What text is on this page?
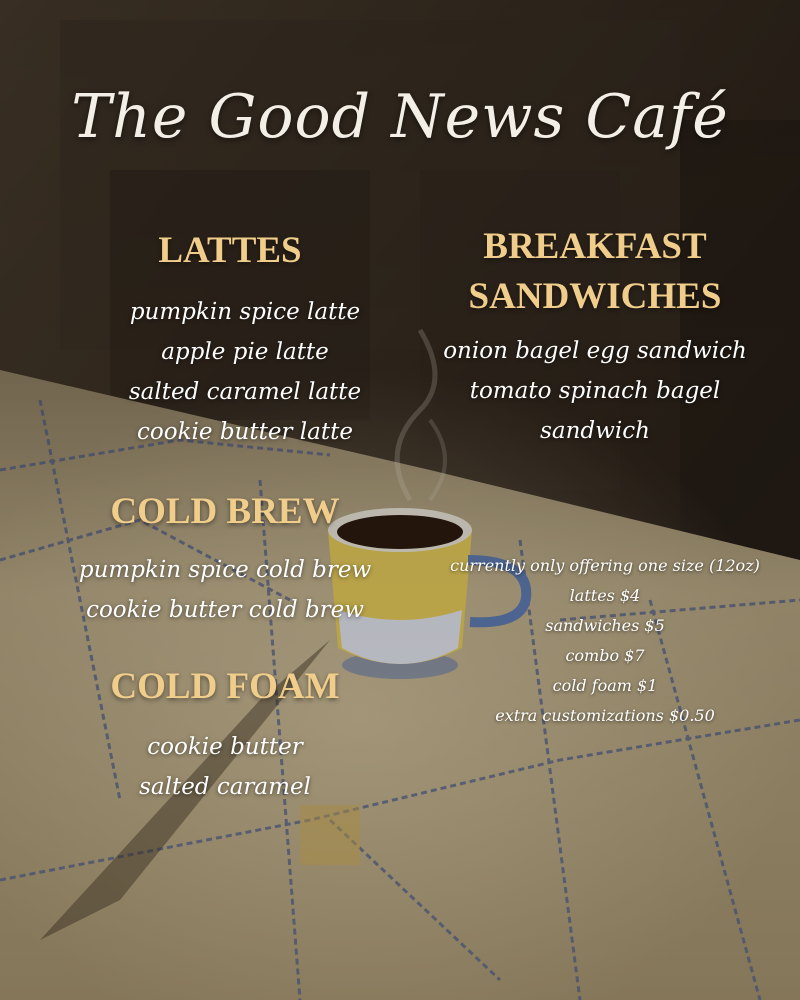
The Good News Café
LATTES
pumpkin spice latte
apple pie latte
salted caramel latte
cookie butter latte
BREAKFAST
SANDWICHES
onion bagel egg sandwich
tomato spinach bagel
sandwich
COLD BREW
pumpkin spice cold brew
cookie butter cold brew
COLD FOAM
cookie butter
salted caramel
currently only offering one size (12oz)
lattes $4
sandwiches $5
combo $7
cold foam $1
extra customizations $0.50
